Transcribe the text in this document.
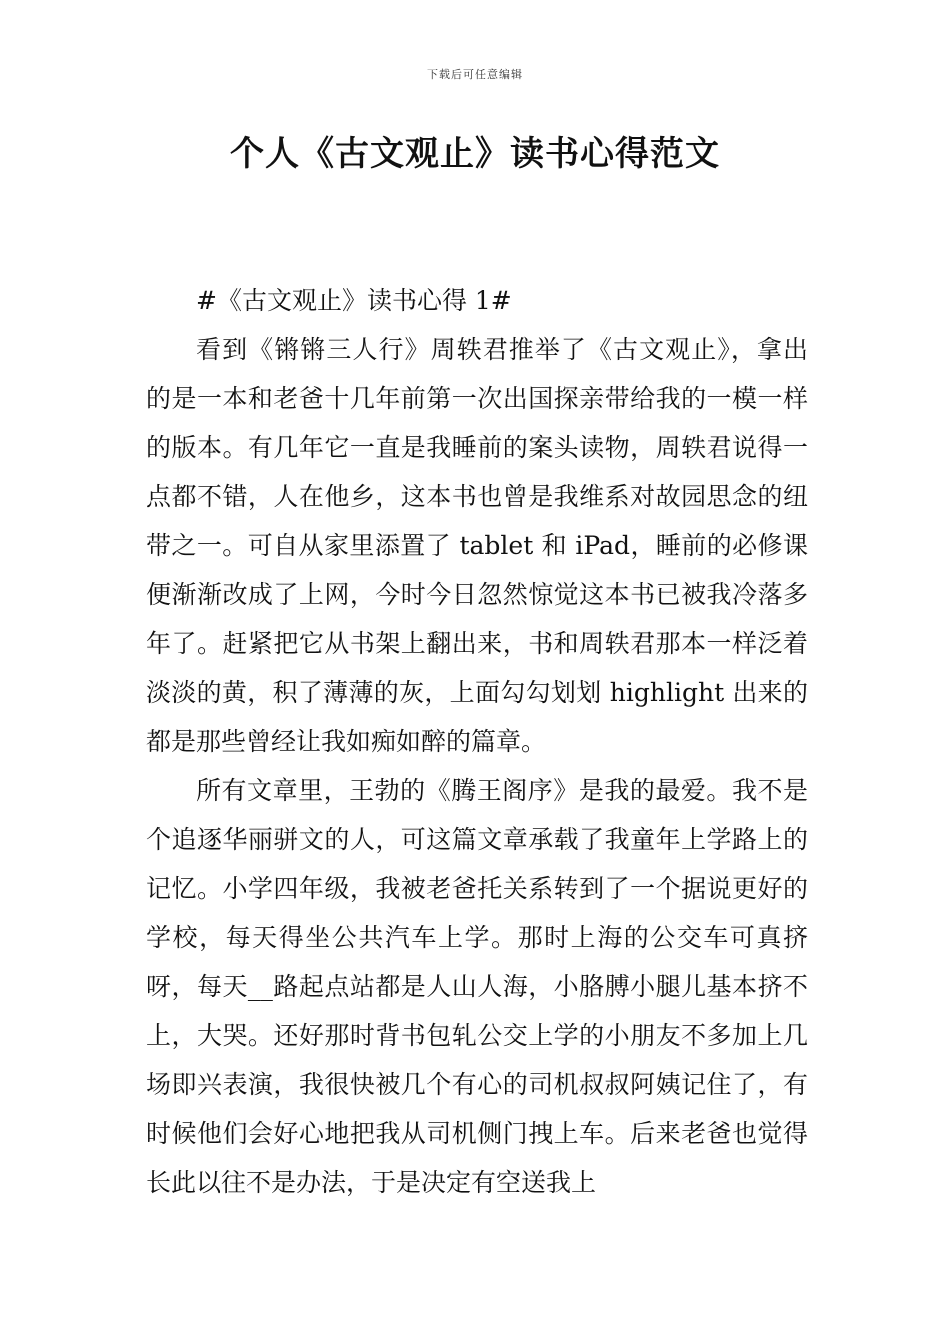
下载后可任意编辑
个人《古文观止》读书心得范文

#《古文观止》读书心得 1#

看到《锵锵三人行》周轶君推举了《古文观止》，拿出的是一本和老爸十几年前第一次出国探亲带给我的一模一样的版本。有几年它一直是我睡前的案头读物，周轶君说得一点都不错，人在他乡，这本书也曾是我维系对故园思念的纽带之一。可自从家里添置了 tablet 和 iPad，睡前的必修课便渐渐改成了上网，今时今日忽然惊觉这本书已被我冷落多年了。赶紧把它从书架上翻出来，书和周轶君那本一样泛着淡淡的黄，积了薄薄的灰，上面勾勾划划 highlight 出来的都是那些曾经让我如痴如醉的篇章。

所有文章里，王勃的《腾王阁序》是我的最爱。我不是个追逐华丽骈文的人，可这篇文章承载了我童年上学路上的记忆。小学四年级，我被老爸托关系转到了一个据说更好的学校，每天得坐公共汽车上学。那时上海的公交车可真挤呀，每天__路起点站都是人山人海，小胳膊小腿儿基本挤不上，大哭。还好那时背书包轧公交上学的小朋友不多加上几场即兴表演，我很快被几个有心的司机叔叔阿姨记住了，有时候他们会好心地把我从司机侧门拽上车。后来老爸也觉得长此以往不是办法，于是决定有空送我上
